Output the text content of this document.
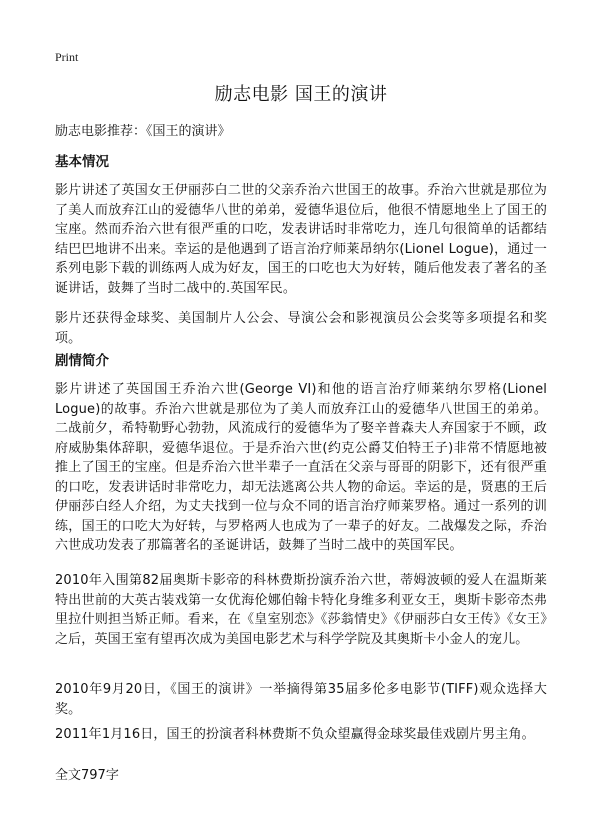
Print
励志电影 国王的演讲

励志电影推荐：《国王的演讲》

基本情况

影片讲述了英国女王伊丽莎白二世的父亲乔治六世国王的故事。乔治六世就是那位为了美人而放弃江山的爱德华八世的弟弟，爱德华退位后，他很不情愿地坐上了国王的宝座。然而乔治六世有很严重的口吃，发表讲话时非常吃力，连几句很简单的话都结结巴巴地讲不出来。幸运的是他遇到了语言治疗师莱昂纳尔(Lionel Logue)，通过一系列电影下载的训练两人成为好友，国王的口吃也大为好转，随后他发表了著名的圣诞讲话，鼓舞了当时二战中的.英国军民。

影片还获得金球奖、美国制片人公会、导演公会和影视演员公会奖等多项提名和奖项。

剧情简介

影片讲述了英国国王乔治六世(George VI)和他的语言治疗师莱纳尔罗格(Lionel Logue)的故事。乔治六世就是那位为了美人而放弃江山的爱德华八世国王的弟弟。二战前夕，希特勒野心勃勃，风流成行的爱德华为了娶辛普森夫人弃国家于不顾，政府威胁集体辞职，爱德华退位。于是乔治六世(约克公爵艾伯特王子)非常不情愿地被推上了国王的宝座。但是乔治六世半辈子一直活在父亲与哥哥的阴影下，还有很严重的口吃，发表讲话时非常吃力，却无法逃离公共人物的命运。幸运的是，贤惠的王后伊丽莎白经人介绍，为丈夫找到一位与众不同的语言治疗师莱罗格。通过一系列的训练，国王的口吃大为好转，与罗格两人也成为了一辈子的好友。二战爆发之际，乔治六世成功发表了那篇著名的圣诞讲话，鼓舞了当时二战中的英国军民。

2010年入围第82届奥斯卡影帝的科林费斯扮演乔治六世，蒂姆波顿的爱人在温斯莱特出世前的大英古装戏第一女优海伦娜伯翰卡特化身维多利亚女王，奥斯卡影帝杰弗里拉什则担当矫正师。看来，在《皇室别恋》《莎翁情史》《伊丽莎白女王传》《女王》之后，英国王室有望再次成为美国电影艺术与科学学院及其奥斯卡小金人的宠儿。

2010年9月20日，《国王的演讲》一举摘得第35届多伦多电影节(TIFF)观众选择大奖。

2011年1月16日，国王的扮演者科林费斯不负众望赢得金球奖最佳戏剧片男主角。

全文797字
